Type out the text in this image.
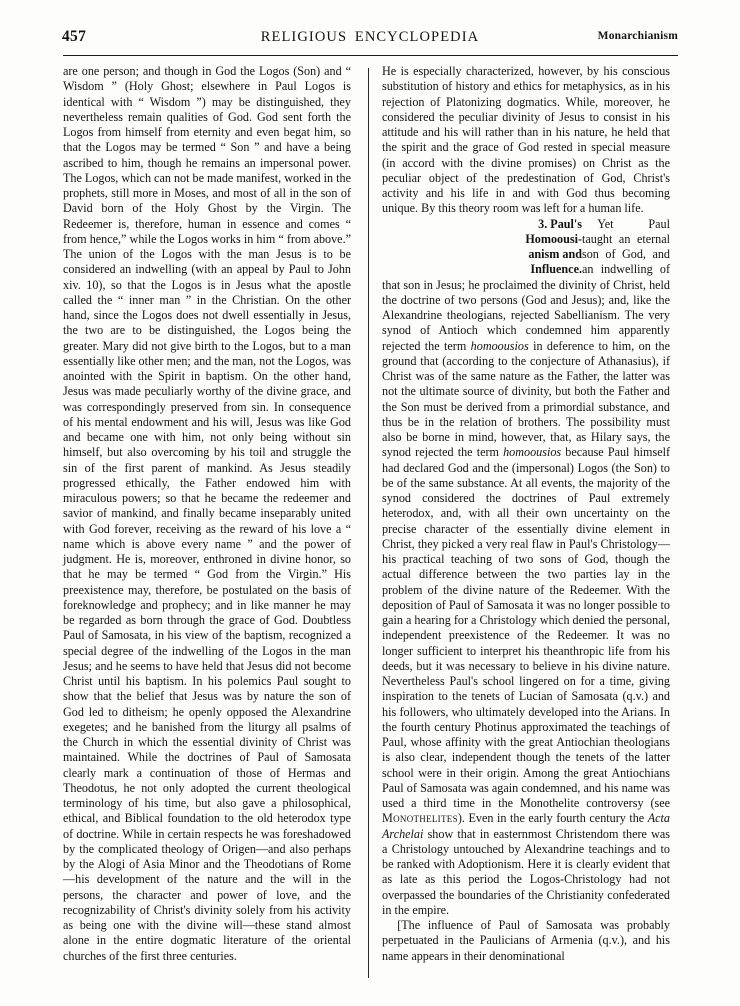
457	RELIGIOUS ENCYCLOPEDIA	Monarchianism

are one person; and though in God the Logos (Son) and “ Wisdom ” (Holy Ghost; elsewhere in Paul Logos is identical with “ Wisdom ”) may be distinguished, they nevertheless remain qualities of God. God sent forth the Logos from himself from eternity and even begat him, so that the Logos may be termed “ Son ” and have a being ascribed to him, though he remains an impersonal power. The Logos, which can not be made manifest, worked in the prophets, still more in Moses, and most of all in the son of David born of the Holy Ghost by the Virgin. The Redeemer is, therefore, human in essence and comes “ from hence,” while the Logos works in him “ from above.” The union of the Logos with the man Jesus is to be considered an indwelling (with an appeal by Paul to John xiv. 10), so that the Logos is in Jesus what the apostle called the “ inner man ” in the Christian. On the other hand, since the Logos does not dwell essentially in Jesus, the two are to be distinguished, the Logos being the greater. Mary did not give birth to the Logos, but to a man essentially like other men; and the man, not the Logos, was anointed with the Spirit in baptism. On the other hand, Jesus was made peculiarly worthy of the divine grace, and was correspondingly preserved from sin. In consequence of his mental endowment and his will, Jesus was like God and became one with him, not only being without sin himself, but also overcoming by his toil and struggle the sin of the first parent of mankind. As Jesus steadily progressed ethically, the Father endowed him with miraculous powers; so that he became the redeemer and savior of mankind, and finally became inseparably united with God forever, receiving as the reward of his love a “ name which is above every name ” and the power of judgment. He is, moreover, enthroned in divine honor, so that he may be termed “ God from the Virgin.” His preexistence may, therefore, be postulated on the basis of foreknowledge and prophecy; and in like manner he may be regarded as born through the grace of God. Doubtless Paul of Samosata, in his view of the baptism, recognized a special degree of the indwelling of the Logos in the man Jesus; and he seems to have held that Jesus did not become Christ until his baptism. In his polemics Paul sought to show that the belief that Jesus was by nature the son of God led to ditheism; he openly opposed the Alexandrine exegetes; and he banished from the liturgy all psalms of the Church in which the essential divinity of Christ was maintained. While the doctrines of Paul of Samosata clearly mark a continuation of those of Hermas and Theodotus, he not only adopted the current theological terminology of his time, but also gave a philosophical, ethical, and Biblical foundation to the old heterodox type of doctrine. While in certain respects he was foreshadowed by the complicated theology of Origen—and also perhaps by the Alogi of Asia Minor and the Theodotians of Rome—his development of the nature and the will in the persons, the character and power of love, and the recognizability of Christ's divinity solely from his activity as being one with the divine will—these stand almost alone in the entire dogmatic literature of the oriental churches of the first three centuries.

He is especially characterized, however, by his conscious substitution of history and ethics for metaphysics, as in his rejection of Platonizing dogmatics. While, moreover, he considered the peculiar divinity of Jesus to consist in his attitude and his will rather than in his nature, he held that the spirit and the grace of God rested in special measure (in accord with the divine promises) on Christ as the peculiar object of the predestination of God, Christ's activity and his life in and with God thus becoming unique. By this theory room was left for a human life.

3. Paul's
Homoousi-
anism and
Influence.
Yet Paul taught an eternal son of God, and an indwelling of that son in Jesus; he proclaimed the divinity of Christ, held the doctrine of two persons (God and Jesus); and, like the Alexandrine theologians, rejected Sabellianism. The very synod of Antioch which condemned him apparently rejected the term homoousios in deference to him, on the ground that (according to the conjecture of Athanasius), if Christ was of the same nature as the Father, the latter was not the ultimate source of divinity, but both the Father and the Son must be derived from a primordial substance, and thus be in the relation of brothers. The possibility must also be borne in mind, however, that, as Hilary says, the synod rejected the term homoousios because Paul himself had declared God and the (impersonal) Logos (the Son) to be of the same substance. At all events, the majority of the synod considered the doctrines of Paul extremely heterodox, and, with all their own uncertainty on the precise character of the essentially divine element in Christ, they picked a very real flaw in Paul's Christology—his practical teaching of two sons of God, though the actual difference between the two parties lay in the problem of the divine nature of the Redeemer. With the deposition of Paul of Samosata it was no longer possible to gain a hearing for a Christology which denied the personal, independent preexistence of the Redeemer. It was no longer sufficient to interpret his theanthropic life from his deeds, but it was necessary to believe in his divine nature. Nevertheless Paul's school lingered on for a time, giving inspiration to the tenets of Lucian of Samosata (q.v.) and his followers, who ultimately developed into the Arians. In the fourth century Photinus approximated the teachings of Paul, whose affinity with the great Antiochian theologians is also clear, independent though the tenets of the latter school were in their origin. Among the great Antiochians Paul of Samosata was again condemned, and his name was used a third time in the Monothelite controversy (see Monothelites). Even in the early fourth century the Acta Archelai show that in easternmost Christendom there was a Christology untouched by Alexandrine teachings and to be ranked with Adoptionism. Here it is clearly evident that as late as this period the Logos-Christology had not overpassed the boundaries of the Christianity confederated in the empire.

[The influence of Paul of Samosata was probably perpetuated in the Paulicians of Armenia (q.v.), and his name appears in their denominational
